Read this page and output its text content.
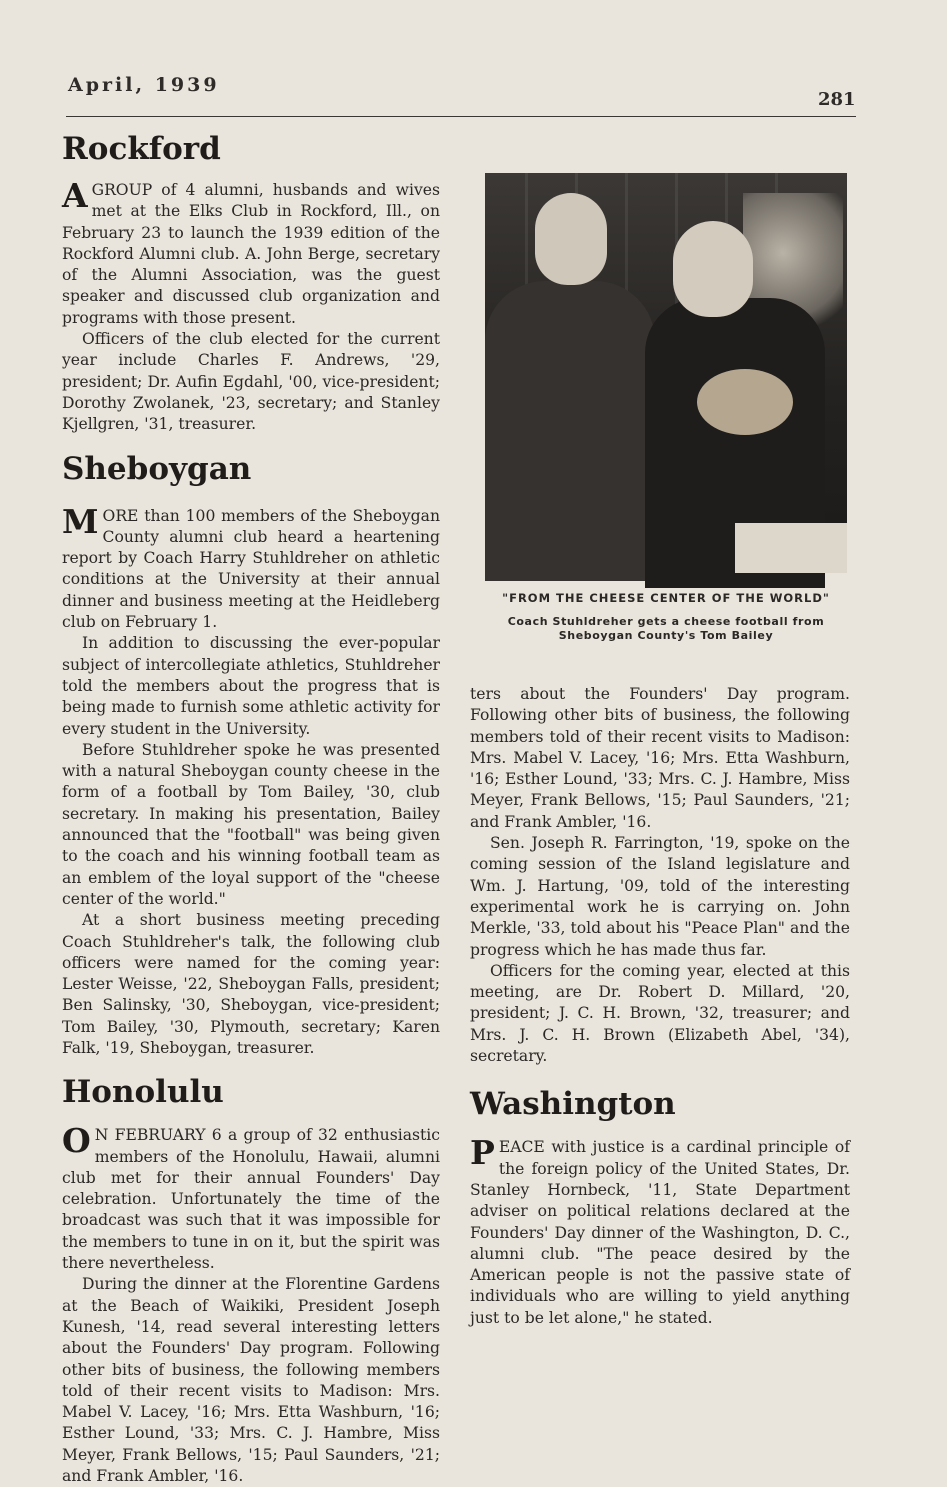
April, 1939
281
Rockford

AGROUP of 4 alumni, husbands and wives met at the Elks Club in Rockford, Ill., on February 23 to launch the 1939 edition of the Rockford Alumni club. A. John Berge, secretary of the Alumni Association, was the guest speaker and discussed club organization and programs with those present.

Officers of the club elected for the current year include Charles F. Andrews, '29, president; Dr. Aufin Egdahl, '00, vice-president; Dorothy Zwolanek, '23, secretary; and Stanley Kjellgren, '31, treasurer.

Sheboygan

MORE than 100 members of the Sheboygan County alumni club heard a heartening report by Coach Harry Stuhldreher on athletic conditions at the University at their annual dinner and business meeting at the Heidleberg club on February 1.

In addition to discussing the ever-popular subject of intercollegiate athletics, Stuhldreher told the members about the progress that is being made to furnish some athletic activity for every student in the University.

Before Stuhldreher spoke he was presented with a natural Sheboygan county cheese in the form of a football by Tom Bailey, '30, club secretary. In making his presentation, Bailey announced that the "football" was being given to the coach and his winning football team as an emblem of the loyal support of the "cheese center of the world."

At a short business meeting preceding Coach Stuhldreher's talk, the following club officers were named for the coming year: Lester Weisse, '22, Sheboygan Falls, president; Ben Salinsky, '30, Sheboygan, vice-president; Tom Bailey, '30, Plymouth, secretary; Karen Falk, '19, Sheboygan, treasurer.

Honolulu

O N FEBRUARY 6 a group of 32 enthusiastic members of the Honolulu, Hawaii, alumni club met for their annual Founders' Day celebration. Unfortunately the time of the broadcast was such that it was impossible for the members to tune in on it, but the spirit was there nevertheless.

During the dinner at the Florentine Gardens at the Beach of Waikiki, President Joseph Kunesh, '14, read several interesting letters about the Founders' Day program. Following other bits of business, the following members told of their recent visits to Madison: Mrs. Mabel V. Lacey, '16; Mrs. Etta Washburn, '16; Esther Lound, '33; Mrs. C. J. Hambre, Miss Meyer, Frank Bellows, '15; Paul Saunders, '21; and Frank Ambler, '16.

"FROM THE CHEESE CENTER OF THE WORLD"
Coach Stuhldreher gets a cheese football from Sheboygan County's Tom Bailey

ters about the Founders' Day program. Following other bits of business, the following members told of their recent visits to Madison: Mrs. Mabel V. Lacey, '16; Mrs. Etta Washburn, '16; Esther Lound, '33; Mrs. C. J. Hambre, Miss Meyer, Frank Bellows, '15; Paul Saunders, '21; and Frank Ambler, '16.

Sen. Joseph R. Farrington, '19, spoke on the coming session of the Island legislature and Wm. J. Hartung, '09, told of the interesting experimental work he is carrying on. John Merkle, '33, told about his "Peace Plan" and the progress which he has made thus far.

Officers for the coming year, elected at this meeting, are Dr. Robert D. Millard, '20, president; J. C. H. Brown, '32, treasurer; and Mrs. J. C. H. Brown (Elizabeth Abel, '34), secretary.

Washington

PEACE with justice is a cardinal principle of the foreign policy of the United States, Dr. Stanley Hornbeck, '11, State Department adviser on political relations declared at the Founders' Day dinner of the Washington, D. C., alumni club. "The peace desired by the American people is not the passive state of individuals who are willing to yield anything just to be let alone," he stated.
